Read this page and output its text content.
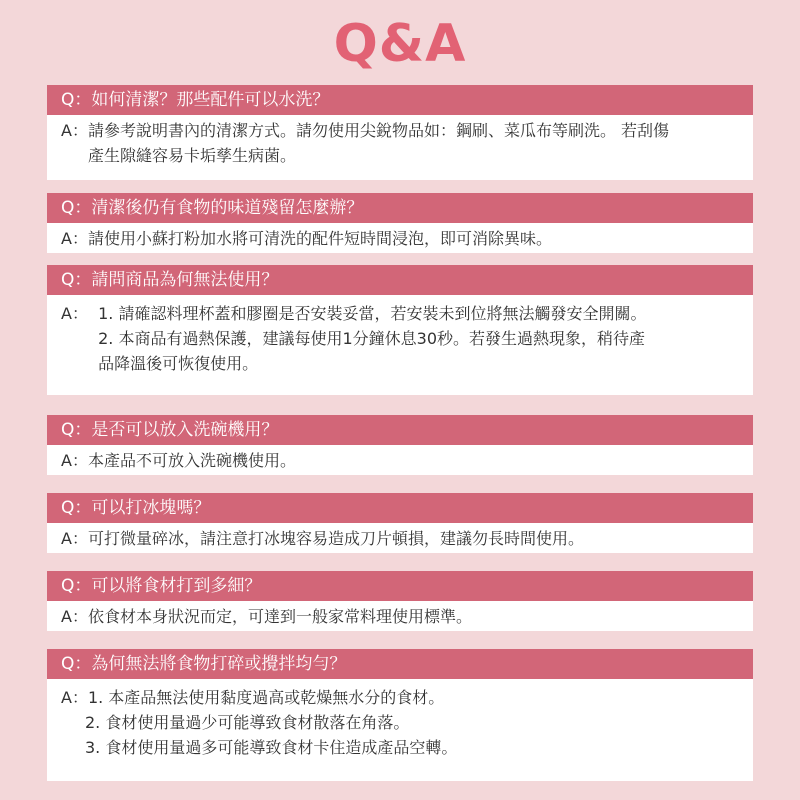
Q&A
Q：如何清潔？那些配件可以水洗？
A： 請參考說明書內的清潔方式。請勿使用尖銳物品如：鋼刷、菜瓜布等刷洗。 若刮傷
產生隙縫容易卡垢孳生病菌。
Q：清潔後仍有食物的味道殘留怎麼辦？
A： 請使用小蘇打粉加水將可清洗的配件短時間浸泡，即可消除異味。
Q：請問商品為何無法使用？
A： 1. 請確認料理杯蓋和膠圈是否安裝妥當，若安裝未到位將無法觸發安全開關。
2. 本商品有過熱保護，建議每使用1分鐘休息30秒。若發生過熱現象，稍待產
品降溫後可恢復使用。
Q：是否可以放入洗碗機用？
A： 本產品不可放入洗碗機使用。
Q：可以打冰塊嗎？
A： 可打微量碎冰，請注意打冰塊容易造成刀片頓損，建議勿長時間使用。
Q：可以將食材打到多細？
A： 依食材本身狀況而定，可達到一般家常料理使用標準。
Q：為何無法將食物打碎或攪拌均勻？
A： 1. 本產品無法使用黏度過高或乾燥無水分的食材。
2. 食材使用量過少可能導致食材散落在角落。
3. 食材使用量過多可能導致食材卡住造成產品空轉。
